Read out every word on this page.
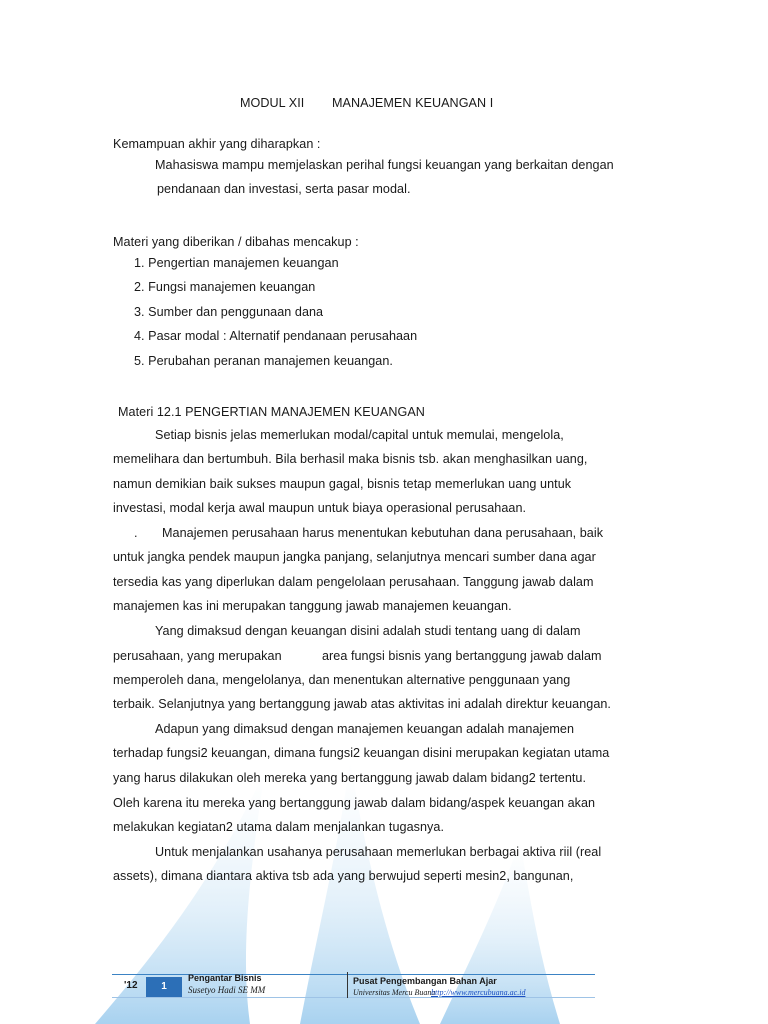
MODUL XII MANAJEMEN KEUANGAN I
Kemampuan akhir yang diharapkan :
Mahasiswa mampu memjelaskan perihal fungsi keuangan yang berkaitan dengan
pendanaan dan investasi, serta pasar modal.
Materi yang diberikan / dibahas mencakup :
1. Pengertian manajemen keuangan
2. Fungsi manajemen keuangan
3. Sumber dan penggunaan dana
4. Pasar modal : Alternatif pendanaan perusahaan
5. Perubahan peranan manajemen keuangan.
Materi 12.1 PENGERTIAN MANAJEMEN KEUANGAN
Setiap bisnis jelas memerlukan modal/capital untuk memulai, mengelola,
memelihara dan bertumbuh. Bila berhasil maka bisnis tsb. akan menghasilkan uang,
namun demikian baik sukses maupun gagal, bisnis tetap memerlukan uang untuk
investasi, modal kerja awal maupun untuk biaya operasional perusahaan.
. Manajemen perusahaan harus menentukan kebutuhan dana perusahaan, baik
untuk jangka pendek maupun jangka panjang, selanjutnya mencari sumber dana agar
tersedia kas yang diperlukan dalam pengelolaan perusahaan. Tanggung jawab dalam
manajemen kas ini merupakan tanggung jawab manajemen keuangan.
Yang dimaksud dengan keuangan disini adalah studi tentang uang di dalam
perusahaan, yang merupakan	area fungsi bisnis yang bertanggung jawab dalam
memperoleh dana, mengelolanya, dan menentukan alternative penggunaan yang
terbaik. Selanjutnya yang bertanggung jawab atas aktivitas ini adalah direktur keuangan.
Adapun yang dimaksud dengan manajemen keuangan adalah manajemen
terhadap fungsi2 keuangan, dimana fungsi2 keuangan disini merupakan kegiatan utama
yang harus dilakukan oleh mereka yang bertanggung jawab dalam bidang2 tertentu.
Oleh karena itu mereka yang bertanggung jawab dalam bidang/aspek keuangan akan
melakukan kegiatan2 utama dalam menjalankan tugasnya.
Untuk menjalankan usahanya perusahaan memerlukan berbagai aktiva riil (real
assets), dimana diantara aktiva tsb ada yang berwujud seperti mesin2, bangunan,
'12	1
Pengantar Bisnis
Susetyo Hadi SE MM
Pusat Pengembangan Bahan Ajar
Universitas Mercu Buana
http://www.mercubuana.ac.id
